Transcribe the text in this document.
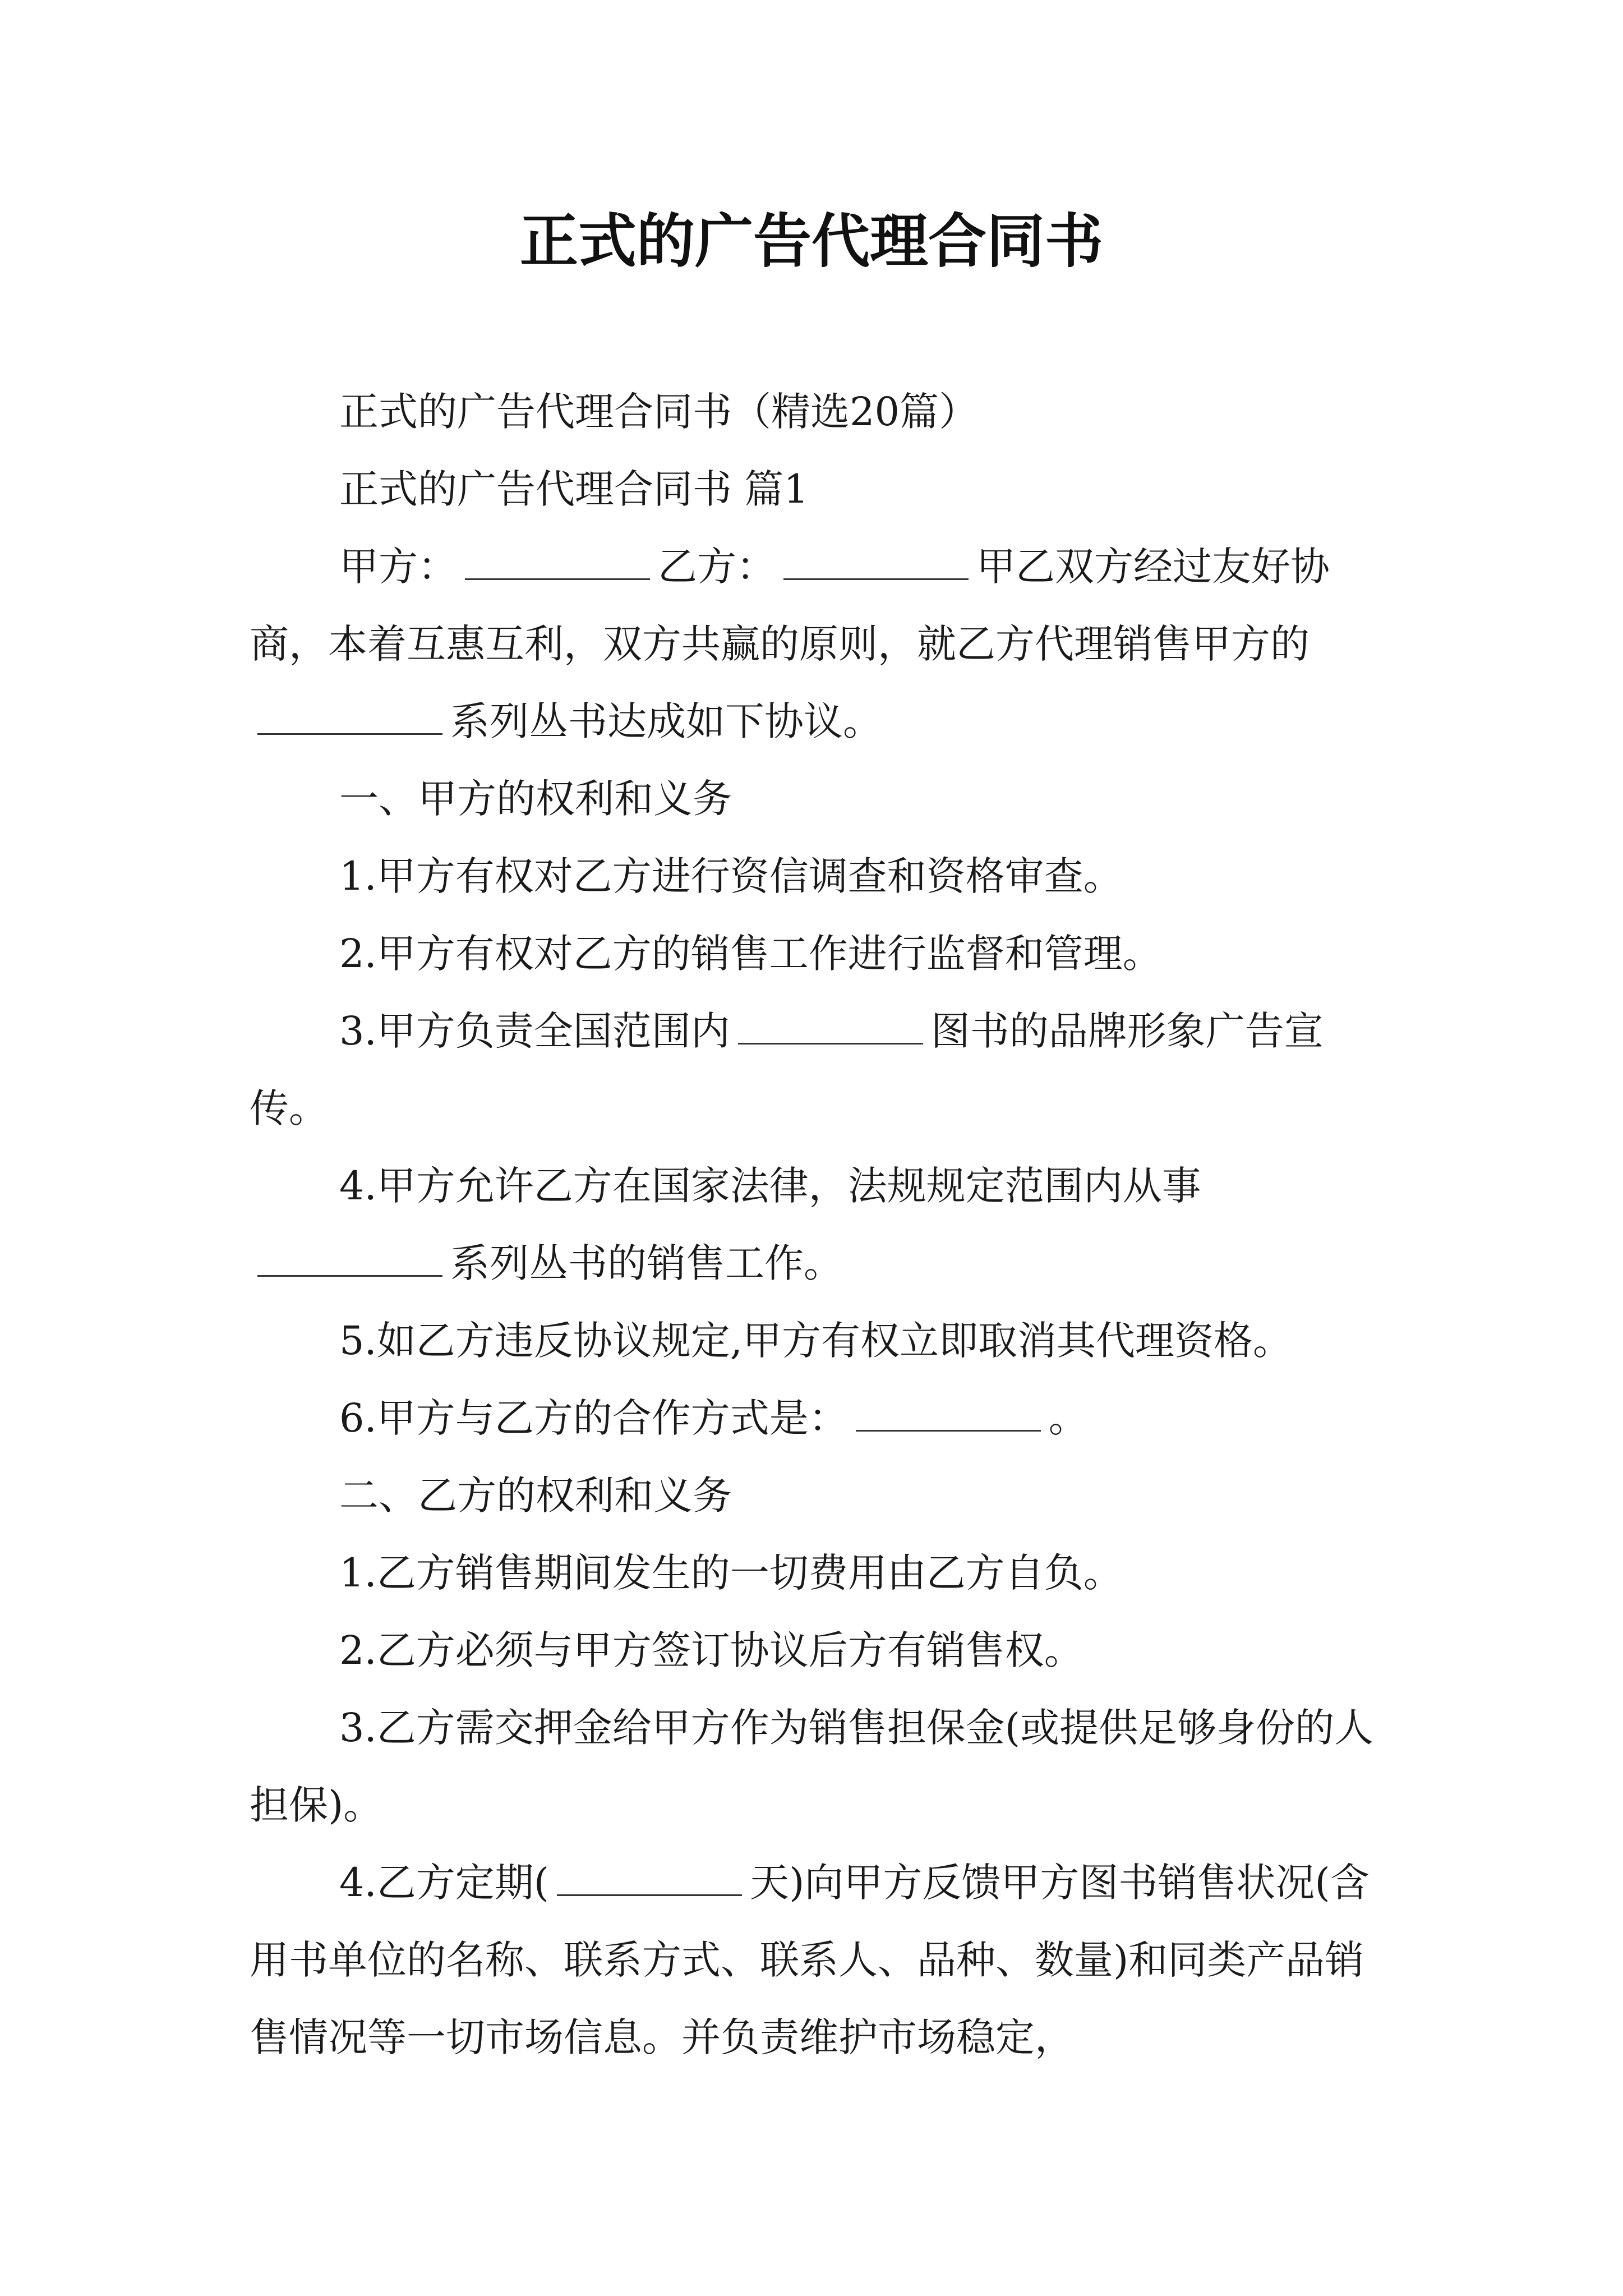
正式的广告代理合同书

正式的广告代理合同书（精选20篇）

正式的广告代理合同书 篇1

甲方：	乙方：	甲乙双方经过友好协商，本着互惠互利，双方共赢的原则，就乙方代理销售甲方的系列丛书达成如下协议。

一、甲方的权利和义务

1.甲方有权对乙方进行资信调查和资格审查。

2.甲方有权对乙方的销售工作进行监督和管理。

3.甲方负责全国范围内	图书的品牌形象广告宣传。

4.甲方允许乙方在国家法律，法规规定范围内从事系列丛书的销售工作。

5.如乙方违反协议规定,甲方有权立即取消其代理资格。

6.甲方与乙方的合作方式是：	。

二、乙方的权利和义务

1.乙方销售期间发生的一切费用由乙方自负。

2.乙方必须与甲方签订协议后方有销售权。

3.乙方需交押金给甲方作为销售担保金(或提供足够身份的人担保)。

4.乙方定期(	天)向甲方反馈甲方图书销售状况(含用书单位的名称、联系方式、联系人、品种、数量)和同类产品销售情况等一切市场信息。并负责维护市场稳定，
